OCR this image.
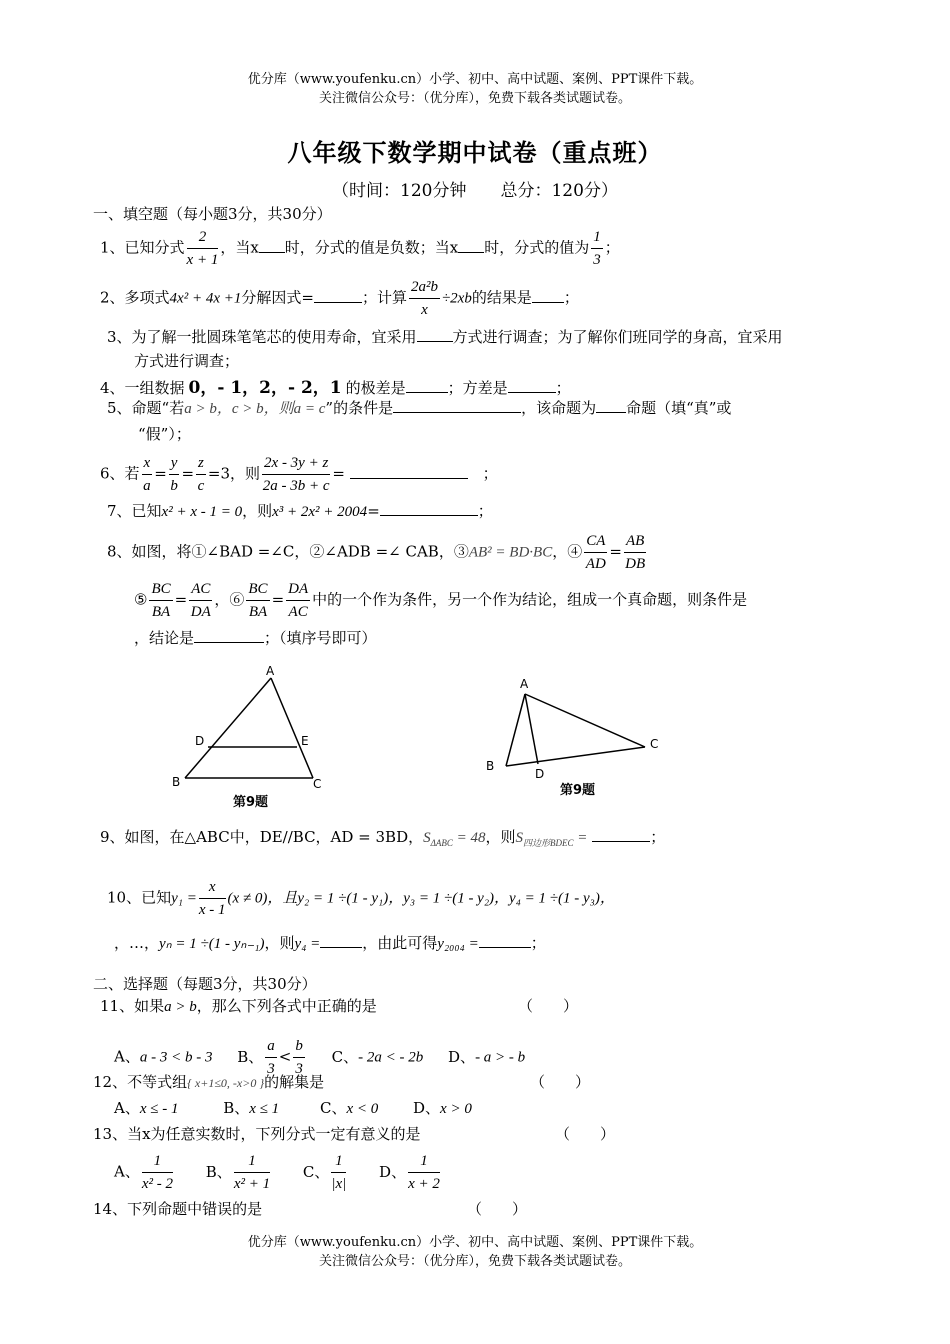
优分库（www.youfenku.cn）小学、初中、高中试题、案例、PPT课件下载。
关注微信公众号：（优分库），免费下载各类试题试卷。
八年级下数学期中试卷（重点班）
（时间：120分钟　　总分：120分）
一、填空题（每小题3分，共30分）
1、已知分式 $\frac{2}{x + 1}$ ，当x 时，分式的值是负数；当x 时，分式的值为 $\frac{1}{3}$ ；
2、多项式4x² + 4x +1分解因式=	；计算 $\frac{\text{2a²b}}{x} \div 2xb$的结果是 ；
3、为了解一批圆珠笔笔芯的使用寿命，宜采用 方式进行调查；为了解你们班同学的身高，宜采用
方式进行调查；
4、一组数据 0，- 1，2，- 2，1 的极差是	；方差是	；
5、命题“若a > b，c > b，则a = c”的条件是	，该命题为 命题（填“真”或
“假”）；
6、若 $\frac{x}{a} = \frac{y}{b} = \frac{z}{c} =3$，则 $\frac{2x - 3y + z}{2a - 3b + c}$ = 　	；
7、已知x² + x - 1 = 0，则x³ + 2x² + 2004=	；
8、如图，将①∠BAD =∠C，②∠ADB =∠ CAB，③AB² = BD·BC，④ $\frac{CA}{AD} = \frac{AB}{DB}$
⑤ $\frac{BC}{BA} = \frac{AC}{DA}$ ，⑥ $\frac{BC}{BA} = \frac{DA}{AC}$ 中的一个作为条件，另一个作为结论，组成一个真命题，则条件是
，结论是	；（填序号即可）
A
D	E
B	C
第9题
A
B
C
D
第9题
9、如图，在△ABC中，DE//BC，AD = 3BD，$S_{\Delta ABC} = 48$，则$S_{四边形BDEC}$ =	；
10、已知$y_1 = \frac{x}{x - 1} (x \ne 0)$，且y₂ = 1 ÷(1 - y₁)，y₃ = 1 ÷(1 - y₂)，y₄ = 1 ÷(1 - y₃)，
，…，yₙ = 1 ÷(1 - yₙ₋₁)，则y₄ =	，由此可得y₂₀₀₄ =	；
二、选择题（每题3分，共30分）
11、如果a > b，那么下列各式中正确的是	（　　）
A、a - 3 < b - 3 B、 $\frac{a}{3} < \frac{b}{3}$ C、- 2a < - 2b D、- a > - b
12、不等式组{ x+1≤0, -x>0 }的解集是	（　　）
A、x ≤ - 1	B、x ≤ 1	C、x < 0 D、x > 0
13、当x为任意实数时，下列分式一定有意义的是	（　　）
A、 $\frac{1}{\text{x² - 2}}$ B、 $\frac{1}{\text{x² + 1}}$ C、 $\frac{1}{|x|}$ D、 $\frac{1}{x + 2}$
14、下列命题中错误的是	（　　）
优分库（www.youfenku.cn）小学、初中、高中试题、案例、PPT课件下载。
关注微信公众号：（优分库），免费下载各类试题试卷。
